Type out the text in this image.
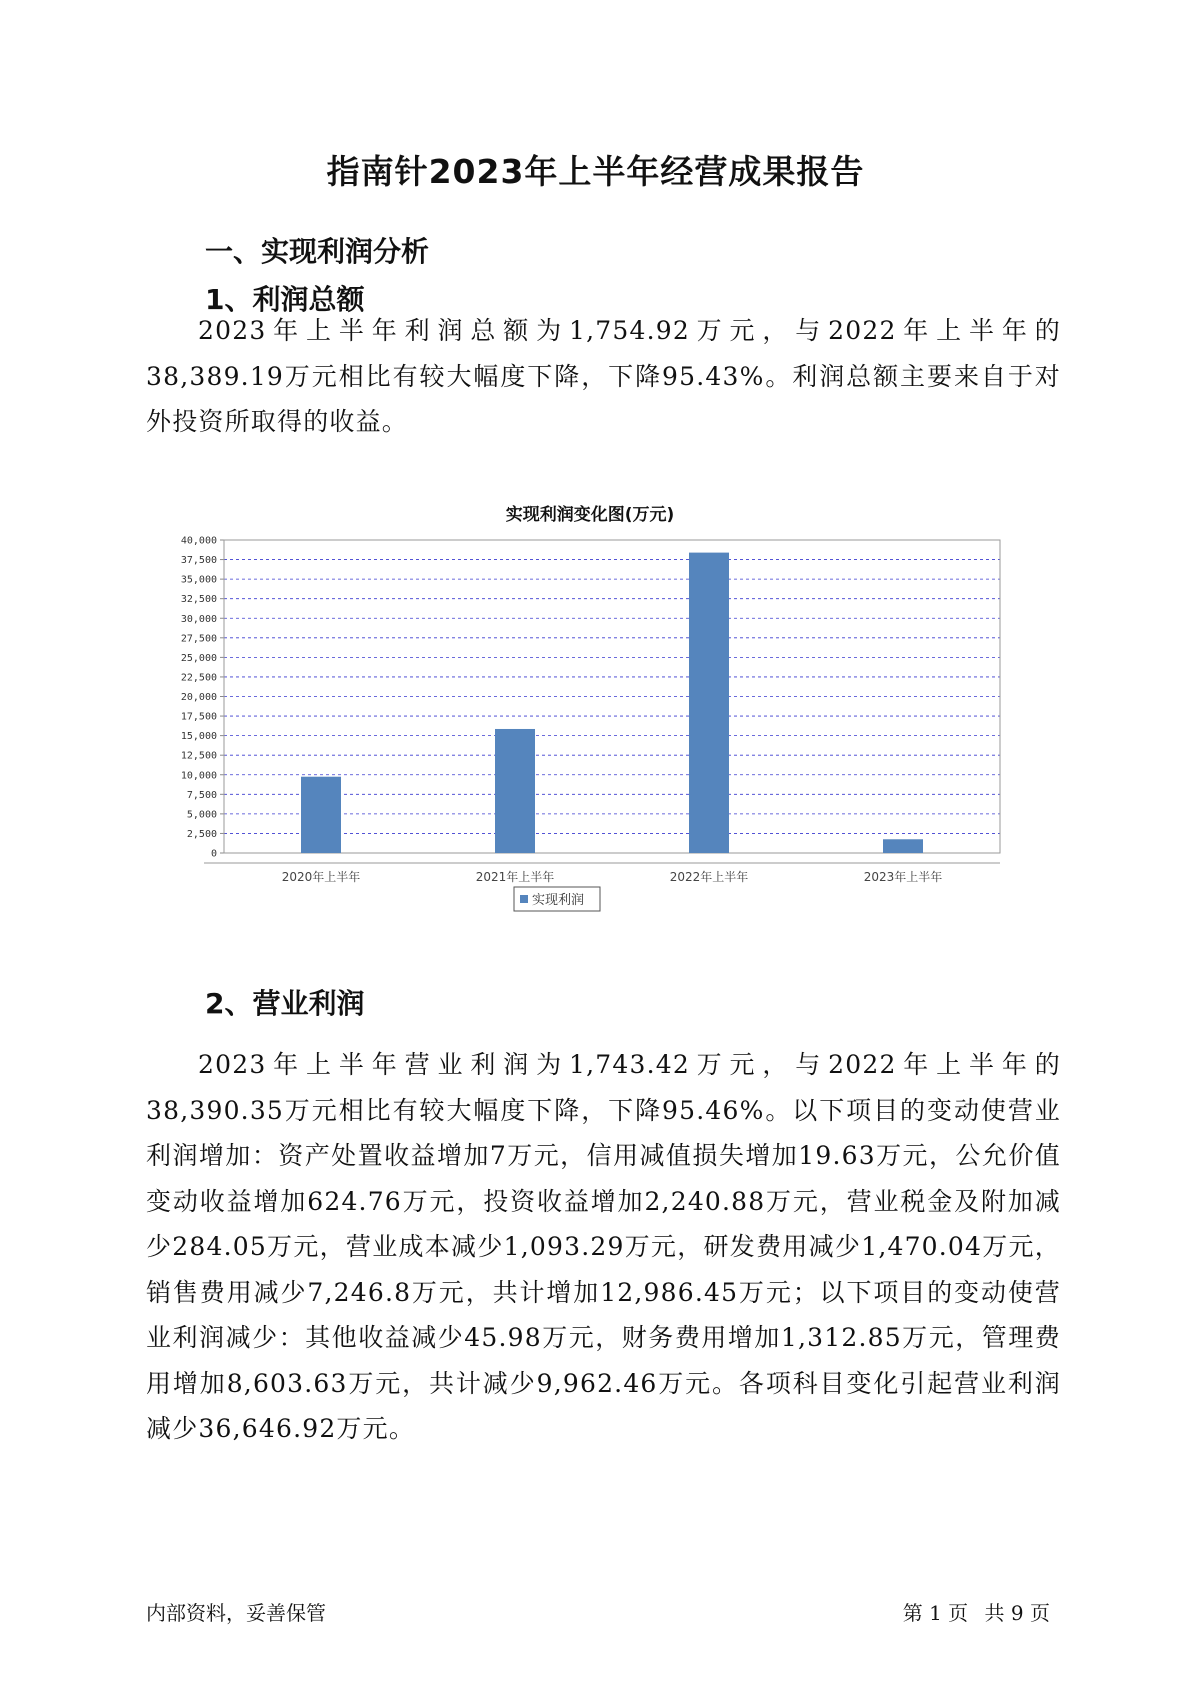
指南针2023年上半年经营成果报告
一、实现利润分析
1、利润总额

2023年上半年利润总额为1,754.92万元，与2022年上半年的38,389.19万元相比有较大幅度下降，下降95.43%。利润总额主要来自于对外投资所取得的收益。

实现利润变化图(万元)

0
2,500
5,000
7,500
10,000
12,500
15,000
17,500
20,000
22,500
25,000
27,500
30,000
32,500
35,000
37,500
40,000
2020年上半年	2021年上半年	2022年上半年	2023年上半年
实现利润
2、营业利润

2023年上半年营业利润为1,743.42万元，与2022年上半年的38,390.35万元相比有较大幅度下降，下降95.46%。以下项目的变动使营业利润增加：资产处置收益增加7万元，信用减值损失增加19.63万元，公允价值变动收益增加624.76万元，投资收益增加2,240.88万元，营业税金及附加减少284.05万元，营业成本减少1,093.29万元，研发费用减少1,470.04万元，销售费用减少7,246.8万元，共计增加12,986.45万元；以下项目的变动使营业利润减少：其他收益减少45.98万元，财务费用增加1,312.85万元，管理费用增加8,603.63万元，共计减少9,962.46万元。各项科目变化引起营业利润减少36,646.92万元。

内部资料，妥善保管	第 1 页 共 9 页
